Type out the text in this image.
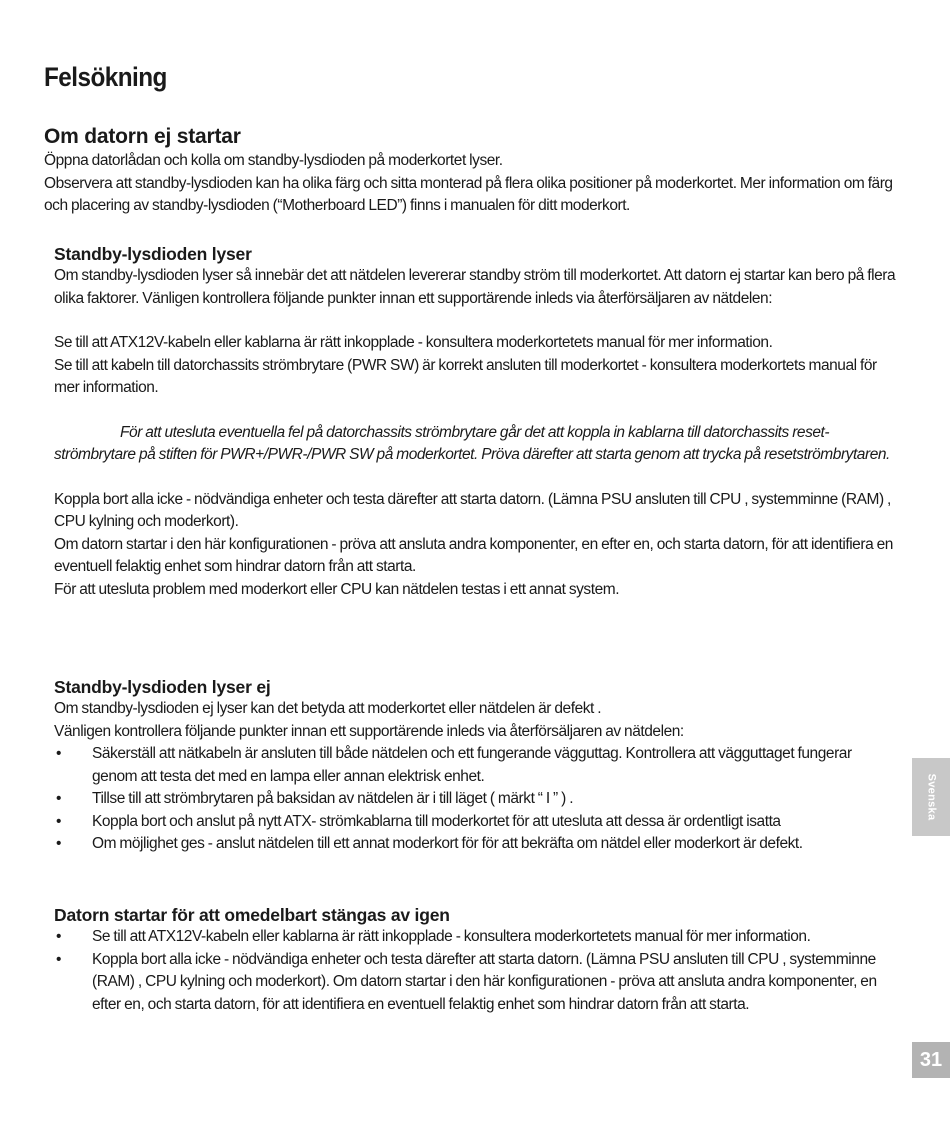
Felsökning
Om datorn ej startar

Öppna datorlådan och kolla om standby-lysdioden på moderkortet lyser.

Observera att standby-lysdioden kan ha olika färg och sitta monterad på flera olika positioner på moderkortet. Mer information om färg och placering av standby-lysdioden (“Motherboard LED”) finns i manualen för ditt moderkort.

Standby-lysdioden lyser

Om standby-lysdioden lyser så innebär det att nätdelen levererar standby ström till moderkortet. Att datorn ej startar kan bero på flera olika faktorer. Vänligen kontrollera följande punkter innan ett supportärende inleds via återförsäljaren av nätdelen:

Se till att ATX12V-kabeln eller kablarna är rätt inkopplade - konsultera moderkortetets manual för mer information.

Se till att kabeln till datorchassits strömbrytare (PWR SW) är korrekt ansluten till moderkortet - konsultera moderkortets manual för mer information.

För att utesluta eventuella fel på datorchassits strömbrytare går det att koppla in kablarna till datorchassits reset-strömbrytare på stiften för PWR+/PWR-/PWR SW på moderkortet. Pröva därefter att starta genom att trycka på resetströmbrytaren.

Koppla bort alla icke - nödvändiga enheter och testa därefter att starta datorn. (Lämna PSU ansluten till CPU , systemminne (RAM) , CPU kylning och moderkort).

Om datorn startar i den här konfigurationen - pröva att ansluta andra komponenter, en efter en, och starta datorn, för att identifiera en eventuell felaktig enhet som hindrar datorn från att starta.

För att utesluta problem med moderkort eller CPU kan nätdelen testas i ett annat system.

Standby-lysdioden lyser ej

Om standby-lysdioden ej lyser kan det betyda att moderkortet eller nätdelen är defekt .

Vänligen kontrollera följande punkter innan ett supportärende inleds via återförsäljaren av nätdelen:

• Säkerställ att nätkabeln är ansluten till både nätdelen och ett fungerande vägguttag. Kontrollera att vägguttaget fungerar genom att testa det med en lampa eller annan elektrisk enhet.
• Tillse till att strömbrytaren på baksidan av nätdelen är i till läget ( märkt “ I ” ) .
• Koppla bort och anslut på nytt ATX- strömkablarna till moderkortet för att utesluta att dessa är ordentligt isatta
• Om möjlighet ges - anslut nätdelen till ett annat moderkort för för att bekräfta om nätdel eller moderkort är defekt.
Datorn startar för att omedelbart stängas av igen
• Se till att ATX12V-kabeln eller kablarna är rätt inkopplade - konsultera moderkortetets manual för mer information.
• Koppla bort alla icke - nödvändiga enheter och testa därefter att starta datorn. (Lämna PSU ansluten till CPU , systemminne (RAM) , CPU kylning och moderkort). Om datorn startar i den här konfigurationen - pröva att ansluta andra komponenter, en efter en, och starta datorn, för att identifiera en eventuell felaktig enhet som hindrar datorn från att starta.
Svenska
31
